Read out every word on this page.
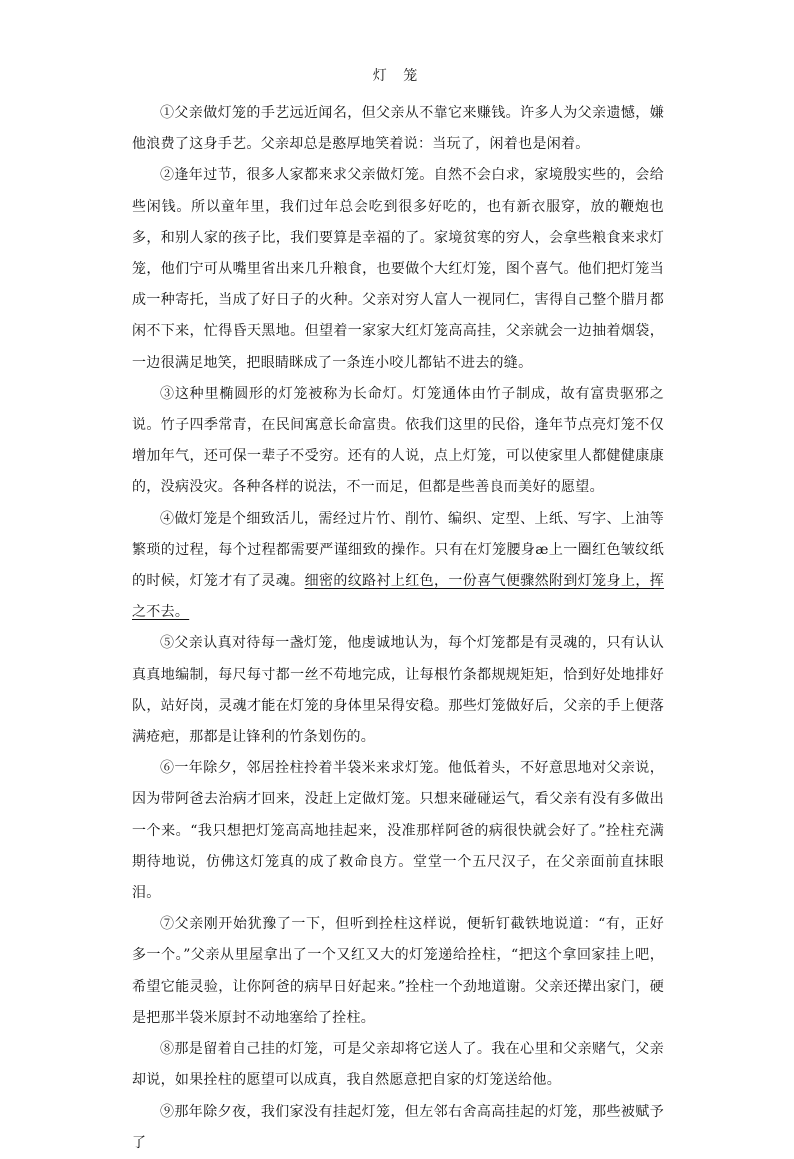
灯 笼

①父亲做灯笼的手艺远近闻名，但父亲从不靠它来赚钱。许多人为父亲遗憾，嫌他浪费了这身手艺。父亲却总是憨厚地笑着说：当玩了，闲着也是闲着。

②逢年过节，很多人家都来求父亲做灯笼。自然不会白求，家境殷实些的，会给些闲钱。所以童年里，我们过年总会吃到很多好吃的，也有新衣服穿，放的鞭炮也多，和别人家的孩子比，我们要算是幸福的了。家境贫寒的穷人，会拿些粮食来求灯笼，他们宁可从嘴里省出来几升粮食，也要做个大红灯笼，图个喜气。他们把灯笼当成一种寄托，当成了好日子的火种。父亲对穷人富人一视同仁，害得自己整个腊月都闲不下来，忙得昏天黑地。但望着一家家大红灯笼高高挂，父亲就会一边抽着烟袋，一边很满足地笑，把眼睛眯成了一条连小咬儿都钻不进去的缝。

③这种里椭圆形的灯笼被称为长命灯。灯笼通体由竹子制成，故有富贵驱邪之说。竹子四季常青，在民间寓意长命富贵。依我们这里的民俗，逢年节点亮灯笼不仅增加年气，还可保一辈子不受穷。还有的人说，点上灯笼，可以使家里人都健健康康的，没病没灾。各种各样的说法，不一而足，但都是些善良而美好的愿望。

④做灯笼是个细致活儿，需经过片竹、削竹、编织、定型、上纸、写字、上油等繁琐的过程，每个过程都需要严谨细致的操作。只有在灯笼腰身æ上一圈红色皱纹纸的时候，灯笼才有了灵魂。细密的纹路衬上红色，一份喜气便骤然附到灯笼身上，挥之不去。

⑤父亲认真对待每一盏灯笼，他虔诚地认为，每个灯笼都是有灵魂的，只有认认真真地编制，每尺每寸都一丝不苟地完成，让每根竹条都规规矩矩，恰到好处地排好队，站好岗，灵魂才能在灯笼的身体里呆得安稳。那些灯笼做好后，父亲的手上便落满疮疤，那都是让锋利的竹条划伤的。

⑥一年除夕，邻居拴柱拎着半袋米来求灯笼。他低着头，不好意思地对父亲说，因为带阿爸去治病才回来，没赶上定做灯笼。只想来碰碰运气，看父亲有没有多做出一个来。“我只想把灯笼高高地挂起来，没准那样阿爸的病很快就会好了。”拴柱充满期待地说，仿佛这灯笼真的成了救命良方。堂堂一个五尺汉子，在父亲面前直抹眼泪。

⑦父亲刚开始犹豫了一下，但听到拴柱这样说，便斩钉截铁地说道：“有，正好多一个。”父亲从里屋拿出了一个又红又大的灯笼递给拴柱，“把这个拿回家挂上吧，希望它能灵验，让你阿爸的病早日好起来。”拴柱一个劲地道谢。父亲还撵出家门，硬是把那半袋米原封不动地塞给了拴柱。

⑧那是留着自己挂的灯笼，可是父亲却将它送人了。我在心里和父亲赌气，父亲却说，如果拴柱的愿望可以成真，我自然愿意把自家的灯笼送给他。

⑨那年除夕夜，我们家没有挂起灯笼，但左邻右舍高高挂起的灯笼，那些被赋予了
